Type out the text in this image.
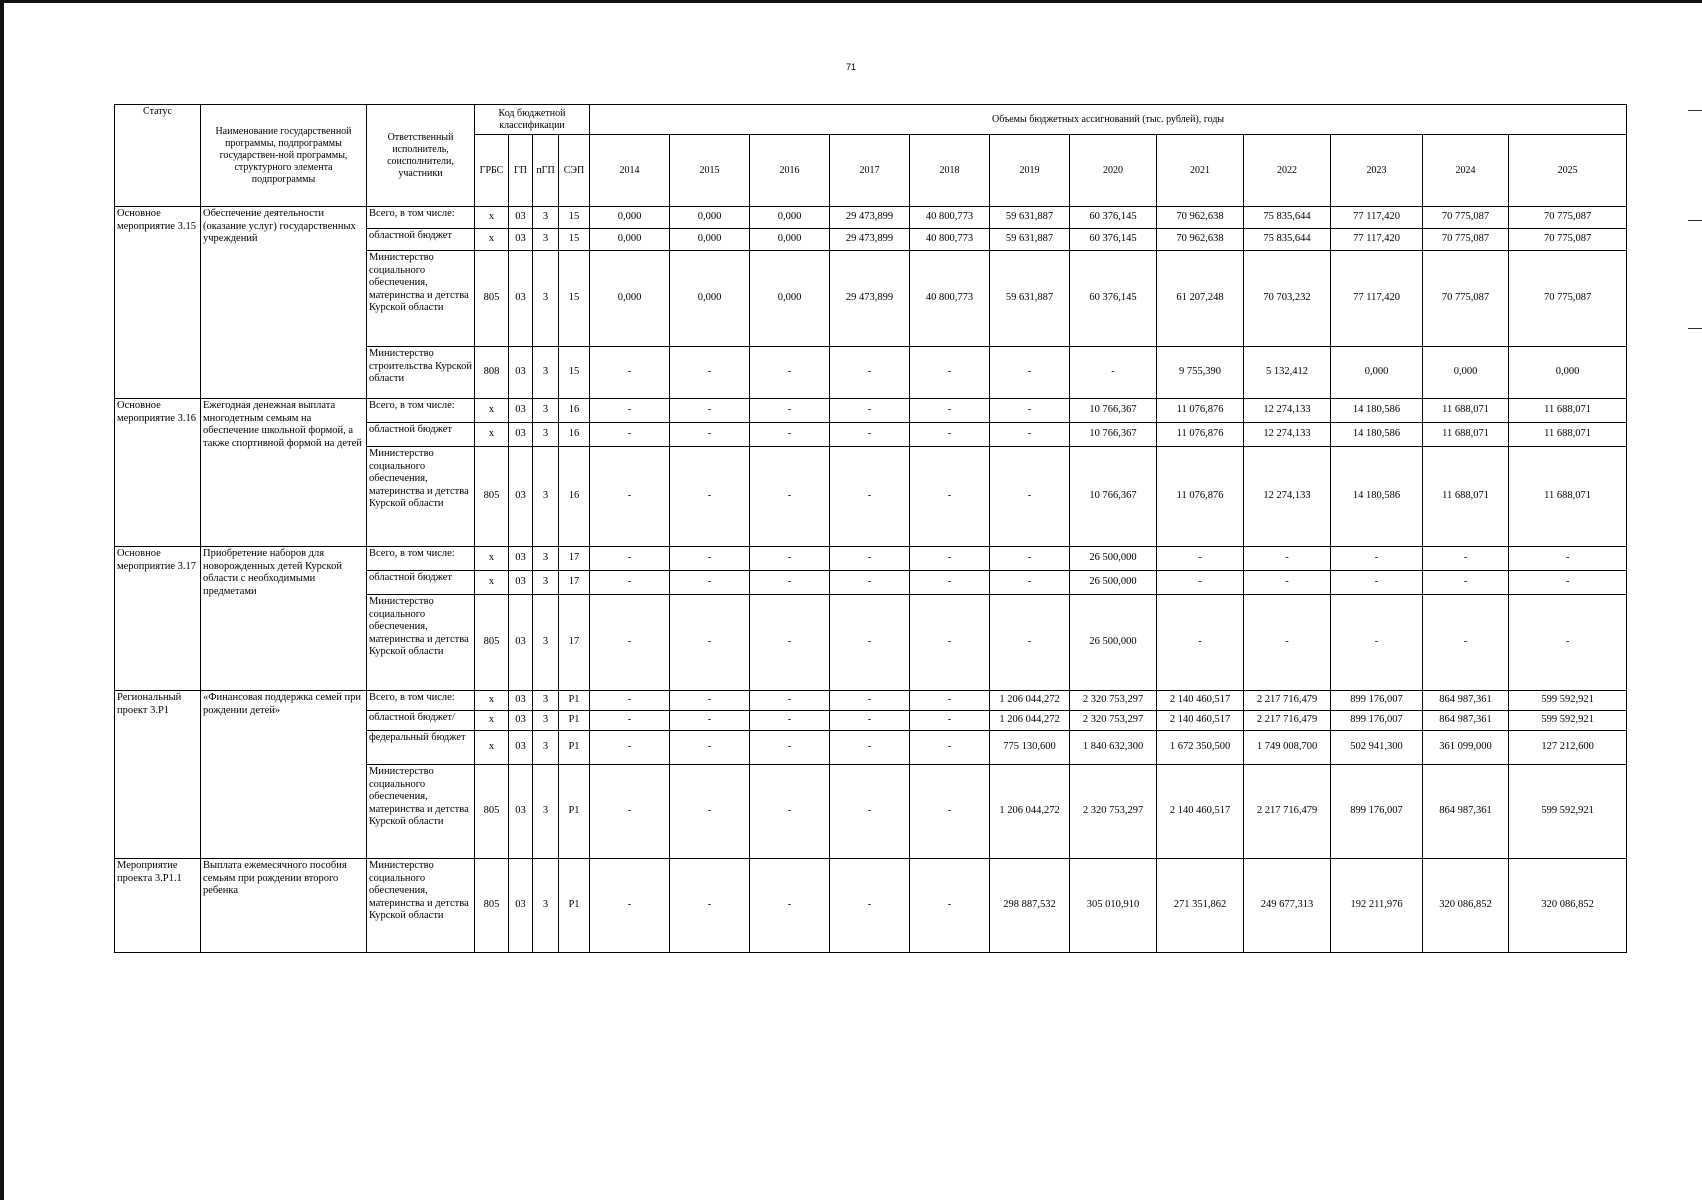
71
Статус	Наименование государственной программы, подпрограммы государствен-ной программы, структурного элемента подпрограммы	Ответственный исполнитель, соисполнители, участники	Код бюджетной классификации				Объемы бюджетных ассигнований (тыс. рублей), годы											
			ГРБС	ГП	пГП	СЭП	2014	2015	2016	2017	2018	2019	2020	2021	2022	2023	2024	2025
Основное мероприятие 3.15	Обеспечение деятельности (оказание услуг) государственных учреждений	Всего, в том числе:	x	03	3	15	0,000	0,000	0,000	29 473,899	40 800,773	59 631,887	60 376,145	70 962,638	75 835,644	77 117,420	70 775,087	70 775,087
		областной бюджет	x	03	3	15	0,000	0,000	0,000	29 473,899	40 800,773	59 631,887	60 376,145	70 962,638	75 835,644	77 117,420	70 775,087	70 775,087
		Министерство социального обеспечения, материнства и детства Курской области	805	03	3	15	0,000	0,000	0,000	29 473,899	40 800,773	59 631,887	60 376,145	61 207,248	70 703,232	77 117,420	70 775,087	70 775,087
		Министерство строительства Курской области	808	03	3	15	-	-	-	-	-	-	-	9 755,390	5 132,412	0,000	0,000	0,000
Основное мероприятие 3.16	Ежегодная денежная выплата многодетным семьям на обеспечение школьной формой, а также спортивной формой на детей	Всего, в том числе:	x	03	3	16	-	-	-	-	-	-	10 766,367	11 076,876	12 274,133	14 180,586	11 688,071	11 688,071
		областной бюджет	x	03	3	16	-	-	-	-	-	-	10 766,367	11 076,876	12 274,133	14 180,586	11 688,071	11 688,071
		Министерство социального обеспечения, материнства и детства Курской области	805	03	3	16	-	-	-	-	-	-	10 766,367	11 076,876	12 274,133	14 180,586	11 688,071	11 688,071
Основное мероприятие 3.17	Приобретение наборов для новорожденных детей Курской области с необходимыми предметами	Всего, в том числе:	x	03	3	17	-	-	-	-	-	-	26 500,000	-	-	-	-	-
		областной бюджет	x	03	3	17	-	-	-	-	-	-	26 500,000	-	-	-	-	-
		Министерство социального обеспечения, материнства и детства Курской области	805	03	3	17	-	-	-	-	-	-	26 500,000	-	-	-	-	-
Региональный проект 3.Р1	«Финансовая поддержка семей при рождении детей»	Всего, в том числе:	x	03	3	Р1	-	-	-	-	-	1 206 044,272	2 320 753,297	2 140 460,517	2 217 716,479	899 176,007	864 987,361	599 592,921
		областной бюджет/	x	03	3	Р1	-	-	-	-	-	1 206 044,272	2 320 753,297	2 140 460,517	2 217 716,479	899 176,007	864 987,361	599 592,921
		федеральный бюджет	x	03	3	Р1	-	-	-	-	-	775 130,600	1 840 632,300	1 672 350,500	1 749 008,700	502 941,300	361 099,000	127 212,600
		Министерство социального обеспечения, материнства и детства Курской области	805	03	3	Р1	-	-	-	-	-	1 206 044,272	2 320 753,297	2 140 460,517	2 217 716,479	899 176,007	864 987,361	599 592,921
Мероприятие проекта 3.Р1.1	Выплата ежемесячного пособия семьям при рождении второго ребенка	Министерство социального обеспечения, материнства и детства Курской области	805	03	3	Р1	-	-	-	-	-	298 887,532	305 010,910	271 351,862	249 677,313	192 211,976	320 086,852	320 086,852
